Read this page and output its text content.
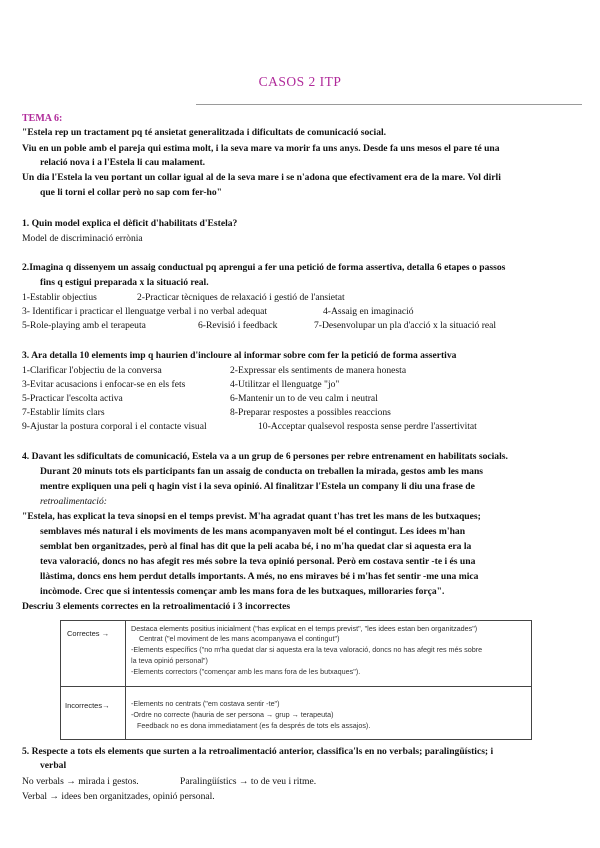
CASOS 2 ITP
TEMA 6:
"Estela rep un tractament pq té ansietat generalitzada i dificultats de comunicació social.
Viu en un poble amb el pareja qui estima molt, i la seva mare va morir fa uns anys. Desde fa uns mesos el pare té una
relació nova i a l'Estela li cau malament.
Un dia l'Estela la veu portant un collar igual al de la seva mare i se n'adona que efectivament era de la mare. Vol dirli
que li torni el collar però no sap com fer-ho"
1. Quin model explica el dèficit d'habilitats d'Estela?
Model de discriminació errònia
2.Imagina q dissenyem un assaig conductual pq aprengui a fer una petició de forma assertiva, detalla 6 etapes o passos
fins q estigui preparada x la situació real.
1-Establir objectius	2-Practicar tècniques de relaxació i gestió de l'ansietat
3- Identificar i practicar el llenguatge verbal i no verbal adequat	4-Assaig en imaginació
5-Role-playing amb el terapeuta	6-Revisió i feedback	7-Desenvolupar un pla d'acció x la situació real
3. Ara detalla 10 elements imp q haurien d'incloure al informar sobre com fer la petició de forma assertiva
1-Clarificar l'objectiu de la conversa	2-Expressar els sentiments de manera honesta
3-Evitar acusacions i enfocar-se en els fets	4-Utilitzar el llenguatge "jo"
5-Practicar l'escolta activa	6-Mantenir un to de veu calm i neutral
7-Establir límits clars	8-Preparar respostes a possibles reaccions
9-Ajustar la postura corporal i el contacte visual	10-Acceptar qualsevol resposta sense perdre l'assertivitat
4. Davant les sdificultats de comunicació, Estela va a un grup de 6 persones per rebre entrenament en habilitats socials.
Durant 20 minuts tots els participants fan un assaig de conducta on treballen la mirada, gestos amb les mans
mentre expliquen una peli q hagin vist i la seva opinió. Al finalitzar l'Estela un company li diu una frase de
retroalimentació:
"Estela, has explicat la teva sinopsi en el temps previst. M'ha agradat quant t'has tret les mans de les butxaques;
semblaves més natural i els moviments de les mans acompanyaven molt bé el contingut. Les idees m'han
semblat ben organitzades, però al final has dit que la peli acaba bé, i no m'ha quedat clar si aquesta era la
teva valoració, doncs no has afegit res més sobre la teva opinió personal. Però em costava sentir -te i és una
llàstima, doncs ens hem perdut detalls importants. A més, no ens miraves bé i m'has fet sentir -me una mica
incòmode. Crec que si intentessis començar amb les mans fora de les butxaques, milloraries força".
Descriu 3 elements correctes en la retroalimentació i 3 incorrectes
Correctes →
Destaca elements positius inicialment ("has explicat en el temps previst", "les idees estan ben organitzades")
Centrat ("el moviment de les mans acompanyava el contingut")
-Elements específics ("no m'ha quedat clar si aquesta era la teva valoració, doncs no has afegit res més sobre
la teva opinió personal")
-Elements correctors ("començar amb les mans fora de les butxaques").
Incorrectes→	-Elements no centrats ("em costava sentir -te")
-Ordre no correcte (hauria de ser persona → grup → terapeuta)
Feedback no es dona immediatament (es fa després de tots els assajos).
5. Respecte a tots els elements que surten a la retroalimentació anterior, classifica'ls en no verbals; paralingüístics; i
verbal
No verbals → mirada i gestos.	Paralingüístics → to de veu i ritme.
Verbal → idees ben organitzades, opinió personal.
